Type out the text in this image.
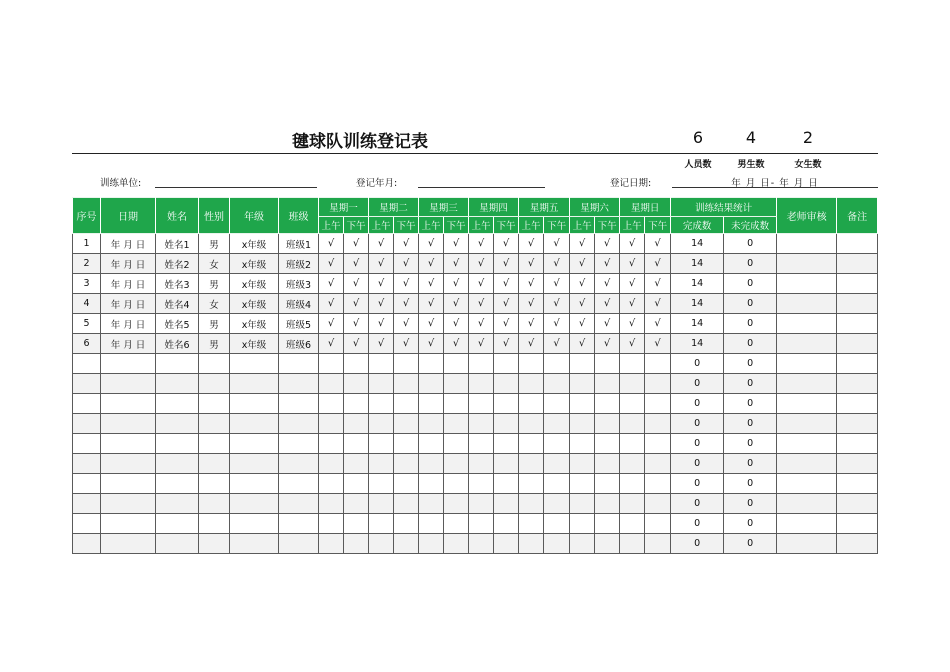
毽球队训练登记表	6	4	2
人员数	男生数	女生数
训练单位:	登记年月:	登记日期:	年 月 日- 年 月 日
序号	日期	姓名	性别	年级	班级	星期一		星期二		星期三		星期四		星期五		星期六		星期日		训练结果统计		老师审核	备注
						上午	下午	上午	下午	上午	下午	上午	下午	上午	下午	上午	下午	上午	下午	完成数	未完成数		
1	年 月 日	姓名1	男	x年级	班级1	√	√	√	√	√	√	√	√	√	√	√	√	√	√	14	0		
2	年 月 日	姓名2	女	x年级	班级2	√	√	√	√	√	√	√	√	√	√	√	√	√	√	14	0		
3	年 月 日	姓名3	男	x年级	班级3	√	√	√	√	√	√	√	√	√	√	√	√	√	√	14	0		
4	年 月 日	姓名4	女	x年级	班级4	√	√	√	√	√	√	√	√	√	√	√	√	√	√	14	0		
5	年 月 日	姓名5	男	x年级	班级5	√	√	√	√	√	√	√	√	√	√	√	√	√	√	14	0		
6	年 月 日	姓名6	男	x年级	班级6	√	√	√	√	√	√	√	√	√	√	√	√	√	√	14	0		
																				0	0		
																				0	0		
																				0	0		
																				0	0		
																				0	0		
																				0	0		
																				0	0		
																				0	0		
																				0	0		
																				0	0		
